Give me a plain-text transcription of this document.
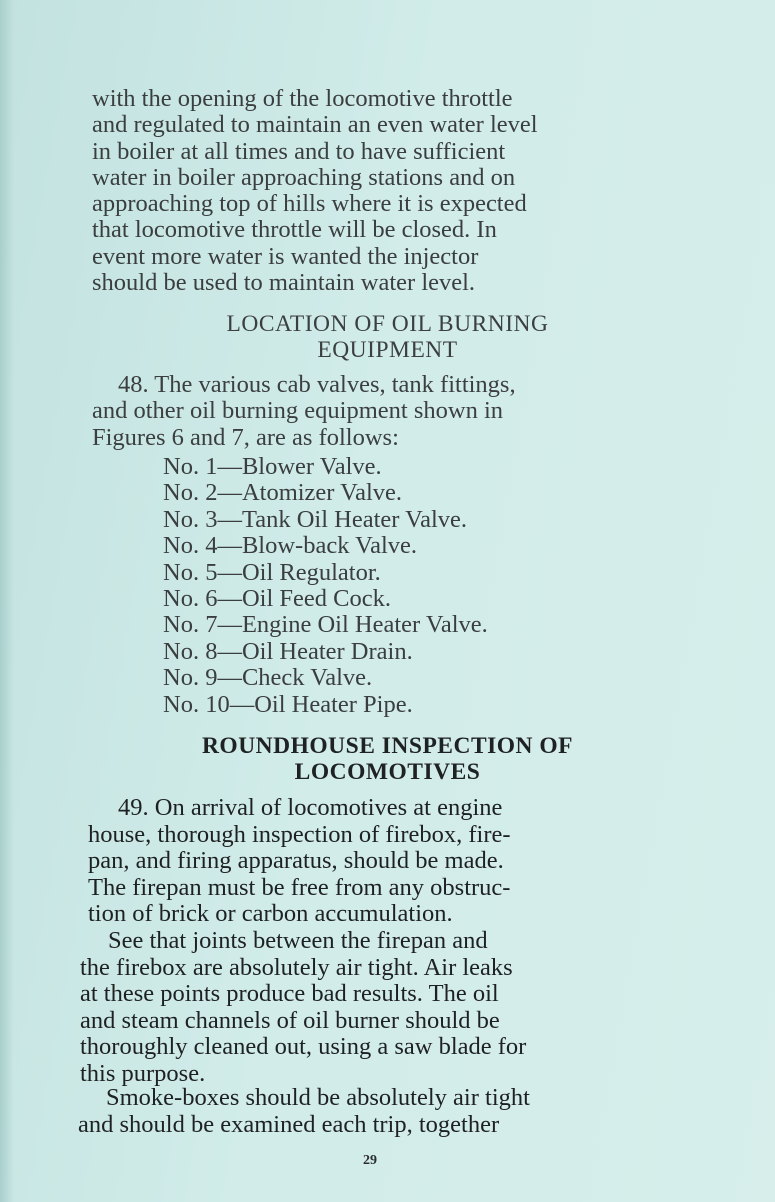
with the opening of the locomotive throttle
and regulated to maintain an even water level
in boiler at all times and to have sufficient
water in boiler approaching stations and on
approaching top of hills where it is expected
that locomotive throttle will be closed. In
event more water is wanted the injector
should be used to maintain water level.

LOCATION OF OIL BURNING
EQUIPMENT

48. The various cab valves, tank fittings,
and other oil burning equipment shown in
Figures 6 and 7, are as follows:

No. 1—Blower Valve.
No. 2—Atomizer Valve.
No. 3—Tank Oil Heater Valve.
No. 4—Blow-back Valve.
No. 5—Oil Regulator.
No. 6—Oil Feed Cock.
No. 7—Engine Oil Heater Valve.
No. 8—Oil Heater Drain.
No. 9—Check Valve.
No. 10—Oil Heater Pipe.
ROUNDHOUSE INSPECTION OF
LOCOMOTIVES

49. On arrival of locomotives at engine
house, thorough inspection of firebox, fire-
pan, and firing apparatus, should be made.
The firepan must be free from any obstruc-
tion of brick or carbon accumulation.

See that joints between the firepan and
the firebox are absolutely air tight. Air leaks
at these points produce bad results. The oil
and steam channels of oil burner should be
thoroughly cleaned out, using a saw blade for
this purpose.

Smoke-boxes should be absolutely air tight
and should be examined each trip, together

29
